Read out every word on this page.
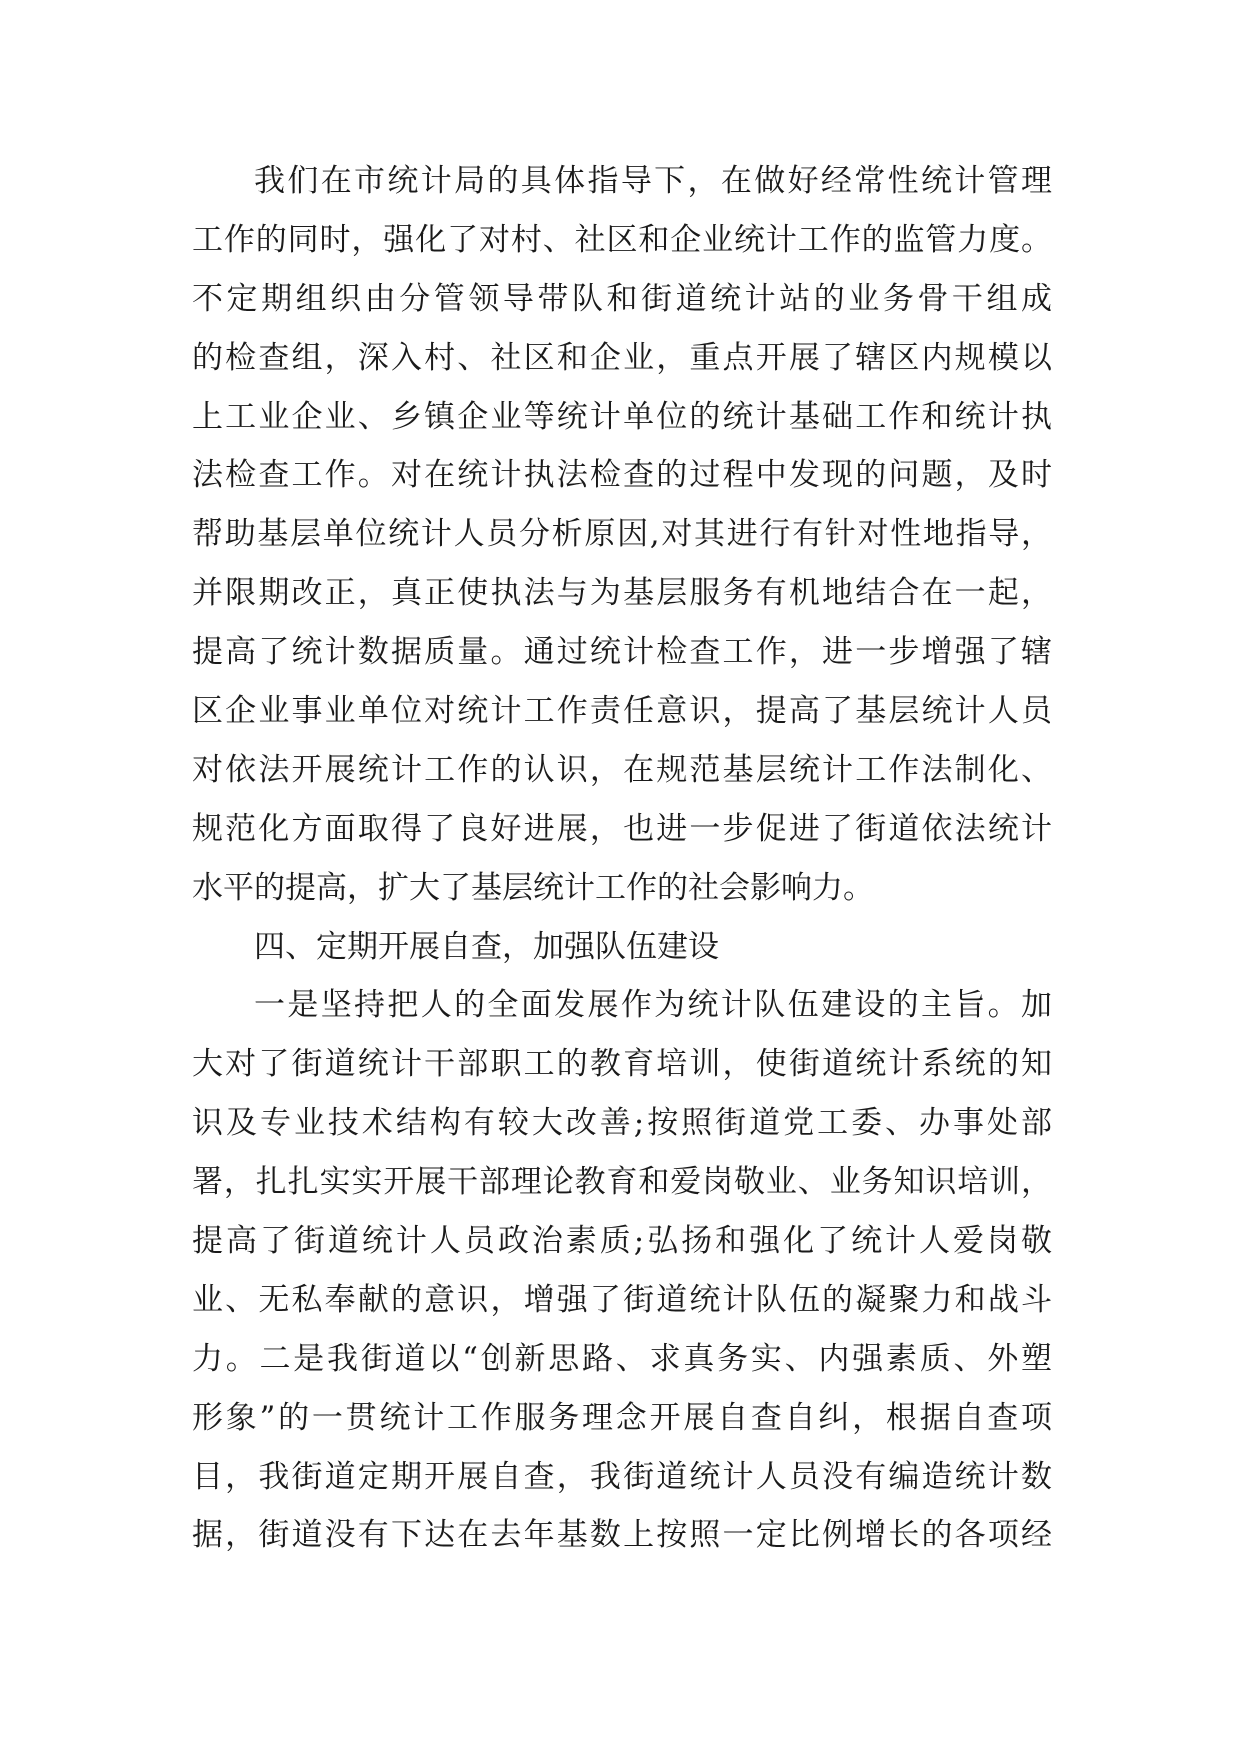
我们在市统计局的具体指导下，在做好经常性统计管理
工作的同时，强化了对村、社区和企业统计工作的监管力度。
不定期组织由分管领导带队和街道统计站的业务骨干组成
的检查组，深入村、社区和企业，重点开展了辖区内规模以
上工业企业、乡镇企业等统计单位的统计基础工作和统计执
法检查工作。对在统计执法检查的过程中发现的问题，及时
帮助基层单位统计人员分析原因,对其进行有针对性地指导，
并限期改正，真正使执法与为基层服务有机地结合在一起，
提高了统计数据质量。通过统计检查工作，进一步增强了辖
区企业事业单位对统计工作责任意识，提高了基层统计人员
对依法开展统计工作的认识，在规范基层统计工作法制化、
规范化方面取得了良好进展，也进一步促进了街道依法统计
水平的提高，扩大了基层统计工作的社会影响力。
四、定期开展自查，加强队伍建设
一是坚持把人的全面发展作为统计队伍建设的主旨。加
大对了街道统计干部职工的教育培训，使街道统计系统的知
识及专业技术结构有较大改善;按照街道党工委、办事处部
署，扎扎实实开展干部理论教育和爱岗敬业、业务知识培训，
提高了街道统计人员政治素质;弘扬和强化了统计人爱岗敬
业、无私奉献的意识，增强了街道统计队伍的凝聚力和战斗
力。二是我街道以“创新思路、求真务实、内强素质、外塑
形象”的一贯统计工作服务理念开展自查自纠，根据自查项
目，我街道定期开展自查，我街道统计人员没有编造统计数
据，街道没有下达在去年基数上按照一定比例增长的各项经
